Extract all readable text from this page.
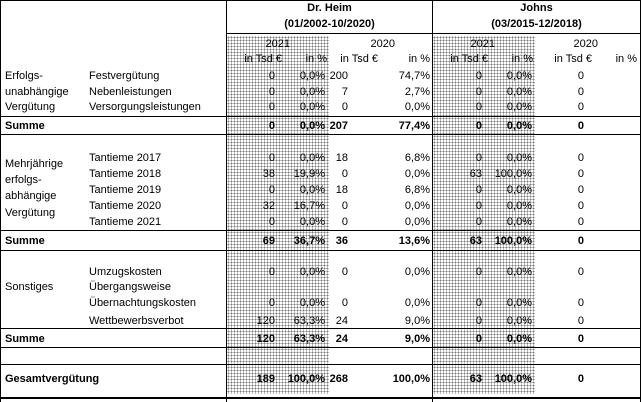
Dr. Heim
(01/2002-10/2020)
Johns
(03/2015-12/2018)
2021	2020	2021	2020
in Tsd €	in %	in Tsd €	in %	in Tsd €	in %	in Tsd €	in %
Erfolgs-
unabhängige
Vergütung
Mehrjährige
erfolgs-
abhängige
Vergütung
Sonstiges
Festvergütung	0	0,0% 200	74,7%	0	0,0%	0
Nebenleistungen	0	0,0%	7	2,7%	0	0,0%	0
Versorgungsleistungen	0	0,0%	0	0,0%	0	0,0%	0
Summe	0	0,0% 207	77,4%	0	0,0%	0
Tantieme 2017	0	0,0% 18	6,8%	0	0,0%	0
Tantieme 2018	38	19,9%	0	0,0%	63	100,0%	0
Tantieme 2019	0	0,0% 18	6,8%	0	0,0%	0
Tantieme 2020	32	16,7%	0	0,0%	0	0,0%	0
Tantieme 2021	0	0,0%	0	0,0%	0	0,0%	0
Summe	69	36,7% 36	13,6%	63	100,0%	0
Umzugskosten	0	0,0%	0	0,0%	0	0,0%	0
Übergangsweise
Übernachtungskosten	0	0,0%	0	0,0%	0	0,0%	0
Wettbewerbsverbot	120	63,3% 24	9,0%	0	0,0%	0
Summe	120	63,3% 24	9,0%	0	0,0%	0
Gesamtvergütung	189	100,0% 268	100,0%	63	100,0%	0
